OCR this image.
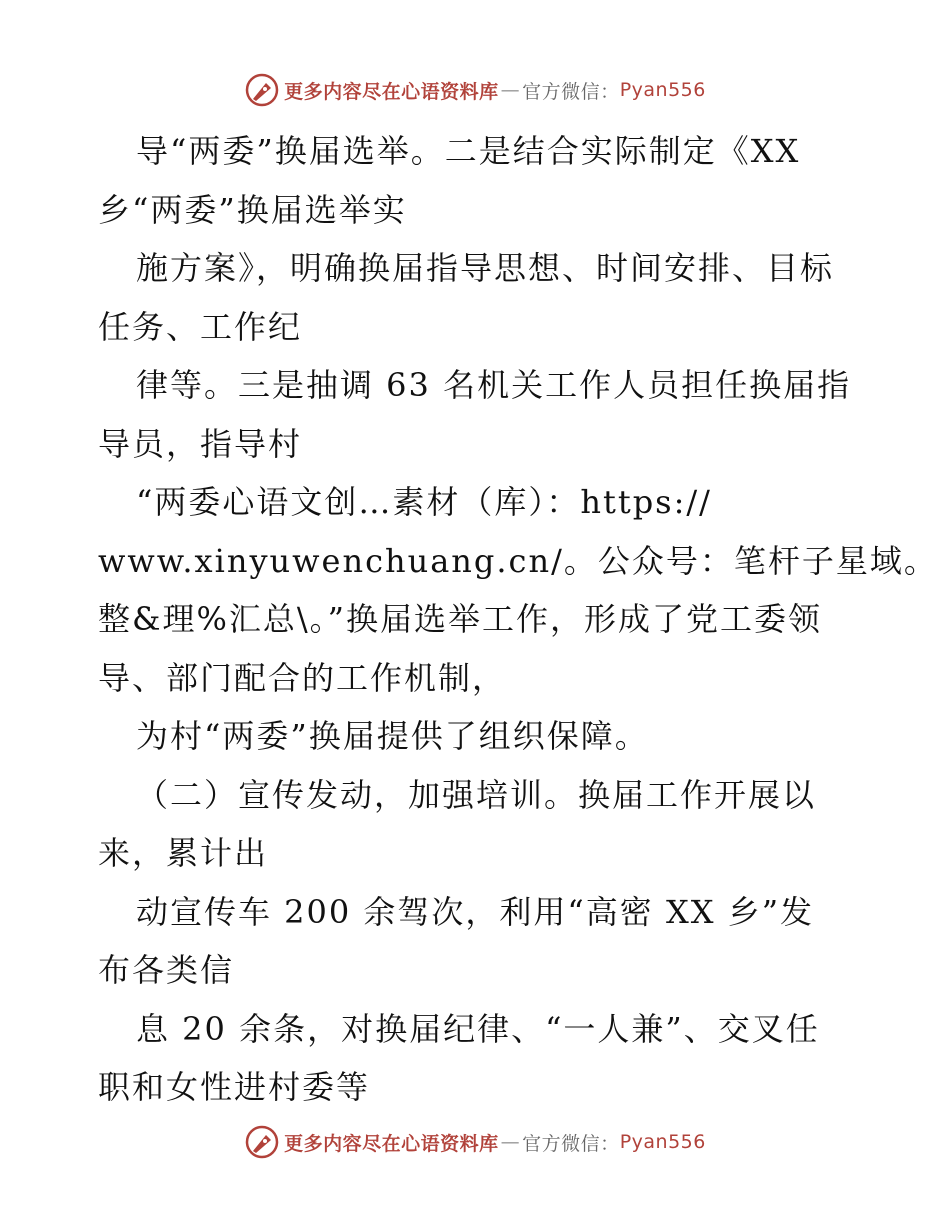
更多内容尽在心语资料库 — 官方微信： Pyan556
导“两委”换届选举。二是结合实际制定《XX
乡“两委”换届选举实
施方案》，明确换届指导思想、时间安排、目标
任务、工作纪
律等。三是抽调 63 名机关工作人员担任换届指
导员，指导村
“两委心语文创…素材（库）：https://
www.xinyuwenchuang.cn/。公众号：笔杆子星域。
整&理%汇总\。”换届选举工作，形成了党工委领
导、部门配合的工作机制，
为村“两委”换届提供了组织保障。
（二）宣传发动，加强培训。换届工作开展以
来，累计出
动宣传车 200 余驾次，利用“高密 XX 乡”发
布各类信
息 20 余条，对换届纪律、“一人兼”、交叉任
职和女性进村委等
更多内容尽在心语资料库 — 官方微信： Pyan556
